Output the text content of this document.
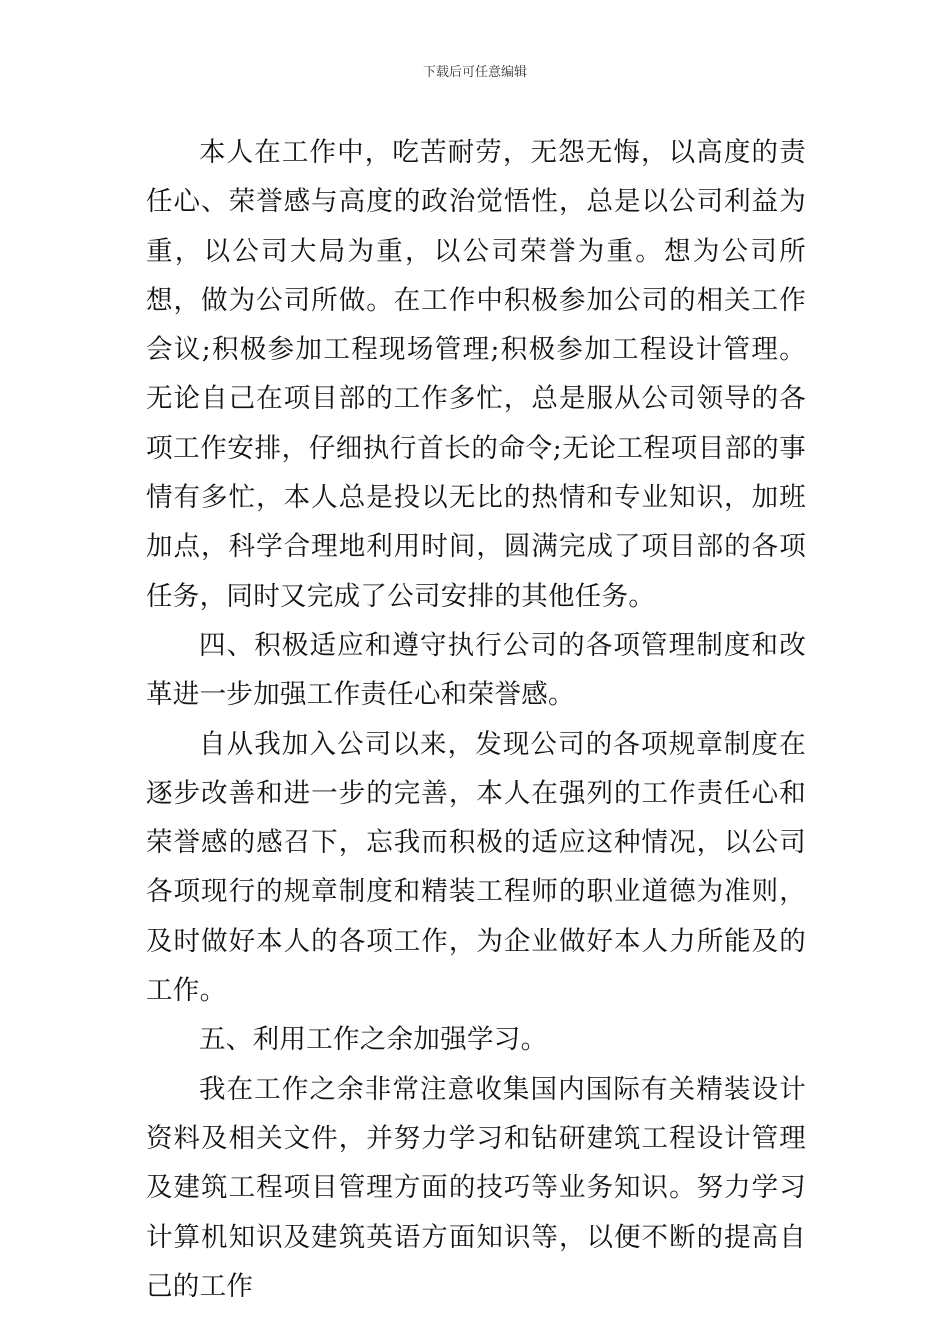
下载后可任意编辑

本人在工作中，吃苦耐劳，无怨无悔，以高度的责任心、荣誉感与高度的政治觉悟性，总是以公司利益为重，以公司大局为重，以公司荣誉为重。想为公司所想，做为公司所做。在工作中积极参加公司的相关工作会议;积极参加工程现场管理;积极参加工程设计管理。无论自己在项目部的工作多忙，总是服从公司领导的各项工作安排，仔细执行首长的命令;无论工程项目部的事情有多忙，本人总是投以无比的热情和专业知识，加班加点，科学合理地利用时间，圆满完成了项目部的各项任务，同时又完成了公司安排的其他任务。

四、积极适应和遵守执行公司的各项管理制度和改革进一步加强工作责任心和荣誉感。

自从我加入公司以来，发现公司的各项规章制度在逐步改善和进一步的完善，本人在强列的工作责任心和荣誉感的感召下，忘我而积极的适应这种情况，以公司各项现行的规章制度和精装工程师的职业道德为准则，及时做好本人的各项工作，为企业做好本人力所能及的工作。

五、利用工作之余加强学习。

我在工作之余非常注意收集国内国际有关精装设计资料及相关文件，并努力学习和钻研建筑工程设计管理及建筑工程项目管理方面的技巧等业务知识。努力学习计算机知识及建筑英语方面知识等，以便不断的提高自己的工作
